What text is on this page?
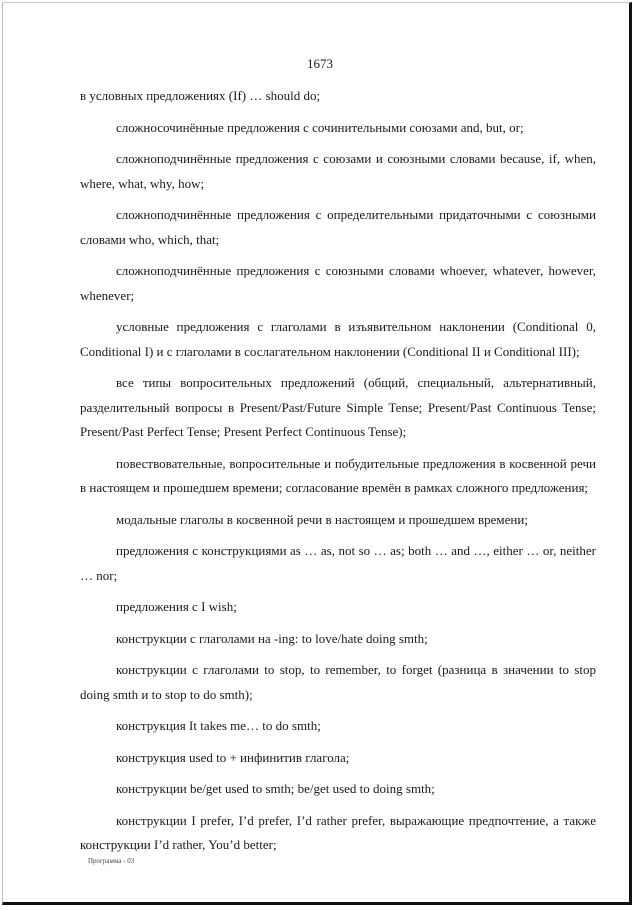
1673

в условных предложениях (If) … should do;

сложносочинённые предложения с сочинительными союзами and, but, or;

сложноподчинённые предложения с союзами и союзными словами because, if, when, where, what, why, how;

сложноподчинённые предложения с определительными придаточными с союзными словами who, which, that;

сложноподчинённые предложения с союзными словами whoever, whatever, however, whenever;

условные предложения с глаголами в изъявительном наклонении (Conditional 0, Conditional I) и с глаголами в сослагательном наклонении (Conditional II и Conditional III);

все типы вопросительных предложений (общий, специальный, альтернативный, разделительный вопросы в Present/Past/Future Simple Tense; Present/Past Continuous Tense; Present/Past Perfect Tense; Present Perfect Continuous Tense);

повествовательные, вопросительные и побудительные предложения в косвенной речи в настоящем и прошедшем времени; согласование времён в рамках сложного предложения;

модальные глаголы в косвенной речи в настоящем и прошедшем времени;

предложения с конструкциями as … as, not so … as; both … and …, either … or, neither … nor;

предложения с I wish;

конструкции с глаголами на -ing: to love/hate doing smth;

конструкции с глаголами to stop, to remember, to forget (разница в значении to stop doing smth и to stop to do smth);

конструкция It takes me… to do smth;

конструкция used to + инфинитив глагола;

конструкции be/get used to smth; be/get used to doing smth;

конструкции I prefer, I’d prefer, I’d rather prefer, выражающие предпочтение, а также конструкции I’d rather, You’d better;

Программа - 03
